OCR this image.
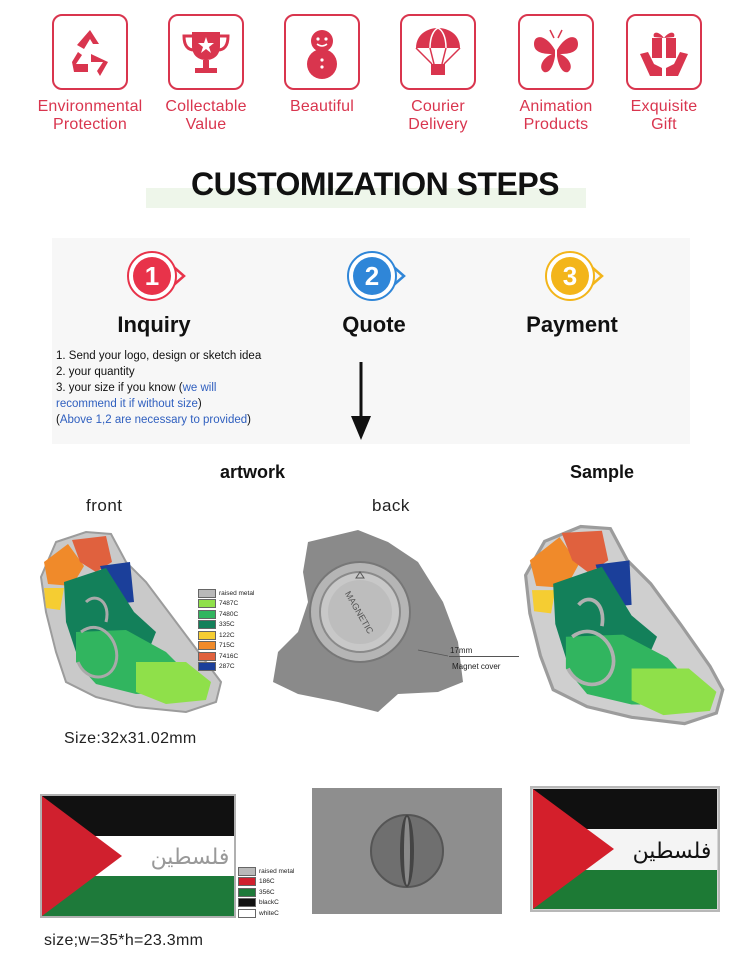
Environmental
Protection
Collectable
Value
Beautiful	Courier
Delivery
Animation
Products
Exquisite
Gift
CUSTOMIZATION STEPS
1
Inquiry
2
Quote
3
Payment
1. Send your logo, design or sketch idea
2. your quantity
3. your size if you know (we will
recommend it if without size)
(Above 1,2 are necessary to provided)
artwork	Sample
front	back
raised metal
7487C
7480C
335C
122C
715C
7416C
287C
MAGNETIC
17mm
Magnet cover
Size:32x31.02mm
فلسطين
raised metal
186C
356C
blackC
whiteC
فلسطين
size;w=35*h=23.3mm
